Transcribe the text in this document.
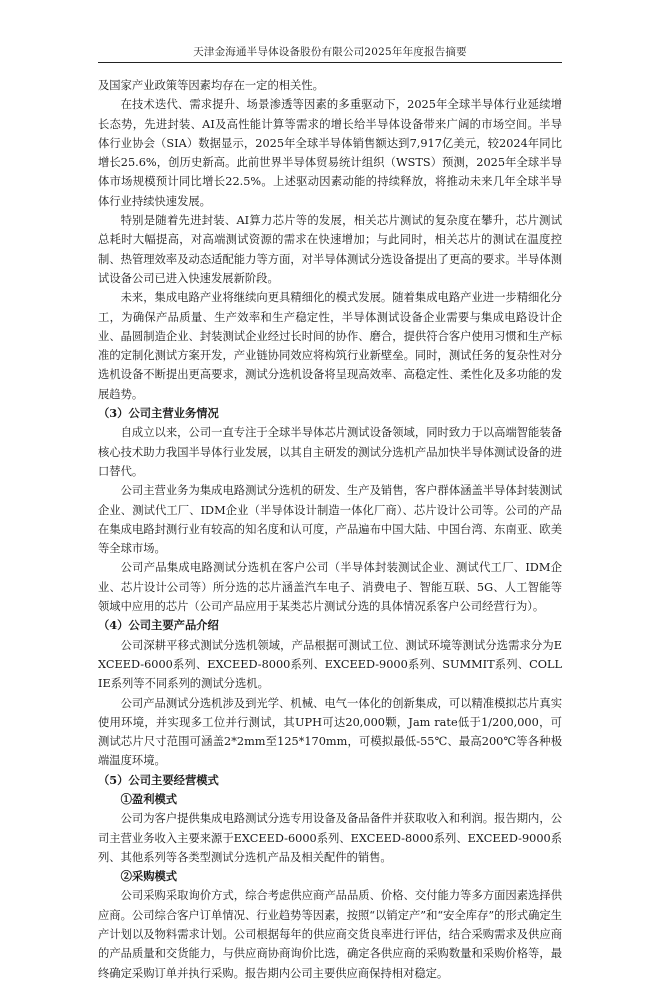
天津金海通半导体设备股份有限公司2025年年度报告摘要

及国家产业政策等因素均存在一定的相关性。

在技术迭代、需求提升、场景渗透等因素的多重驱动下，2025年全球半导体行业延续增长态势，先进封装、AI及高性能计算等需求的增长给半导体设备带来广阔的市场空间。半导体行业协会（SIA）数据显示，2025年全球半导体销售额达到7,917亿美元，较2024年同比增长25.6%，创历史新高。此前世界半导体贸易统计组织（WSTS）预测，2025年全球半导体市场规模预计同比增长22.5%。上述驱动因素动能的持续释放，将推动未来几年全球半导体行业持续快速发展。

特别是随着先进封装、AI算力芯片等的发展，相关芯片测试的复杂度在攀升，芯片测试总耗时大幅提高，对高端测试资源的需求在快速增加；与此同时，相关芯片的测试在温度控制、热管理效率及动态适配能力等方面，对半导体测试分选设备提出了更高的要求。半导体测试设备公司已进入快速发展新阶段。

未来，集成电路产业将继续向更具精细化的模式发展。随着集成电路产业进一步精细化分工，为确保产品质量、生产效率和生产稳定性，半导体测试设备企业需要与集成电路设计企业、晶圆制造企业、封装测试企业经过长时间的协作、磨合，提供符合客户使用习惯和生产标准的定制化测试方案开发，产业链协同效应将构筑行业新壁垒。同时，测试任务的复杂性对分选机设备不断提出更高要求，测试分选机设备将呈现高效率、高稳定性、柔性化及多功能的发展趋势。

（3）公司主营业务情况

自成立以来，公司一直专注于全球半导体芯片测试设备领域，同时致力于以高端智能装备核心技术助力我国半导体行业发展，以其自主研发的测试分选机产品加快半导体测试设备的进口替代。

公司主营业务为集成电路测试分选机的研发、生产及销售，客户群体涵盖半导体封装测试企业、测试代工厂、IDM企业（半导体设计制造一体化厂商）、芯片设计公司等。公司的产品在集成电路封测行业有较高的知名度和认可度，产品遍布中国大陆、中国台湾、东南亚、欧美等全球市场。

公司产品集成电路测试分选机在客户公司（半导体封装测试企业、测试代工厂、IDM企业、芯片设计公司等）所分选的芯片涵盖汽车电子、消费电子、智能互联、5G、人工智能等领域中应用的芯片（公司产品应用于某类芯片测试分选的具体情况系客户公司经营行为）。

（4）公司主要产品介绍

公司深耕平移式测试分选机领域，产品根据可测试工位、测试环境等测试分选需求分为EXCEED-6000系列、EXCEED-8000系列、EXCEED-9000系列、SUMMIT系列、COLLIE系列等不同系列的测试分选机。

公司产品测试分选机涉及到光学、机械、电气一体化的创新集成，可以精准模拟芯片真实使用环境，并实现多工位并行测试，其UPH可达20,000颗，Jam rate低于1/200,000，可测试芯片尺寸范围可涵盖2*2mm至125*170mm，可模拟最低-55℃、最高200℃等各种极端温度环境。

（5）公司主要经营模式

①盈利模式

公司为客户提供集成电路测试分选专用设备及备品备件并获取收入和利润。报告期内，公司主营业务收入主要来源于EXCEED-6000系列、EXCEED-8000系列、EXCEED-9000系列、其他系列等各类型测试分选机产品及相关配件的销售。

②采购模式

公司采购采取询价方式，综合考虑供应商产品品质、价格、交付能力等多方面因素选择供应商。公司综合客户订单情况、行业趋势等因素，按照“以销定产”和“安全库存”的形式确定生产计划以及物料需求计划。公司根据每年的供应商交货良率进行评估，结合采购需求及供应商的产品质量和交货能力，与供应商协商询价比选，确定各供应商的采购数量和采购价格等，最终确定采购订单并执行采购。报告期内公司主要供应商保持相对稳定。
